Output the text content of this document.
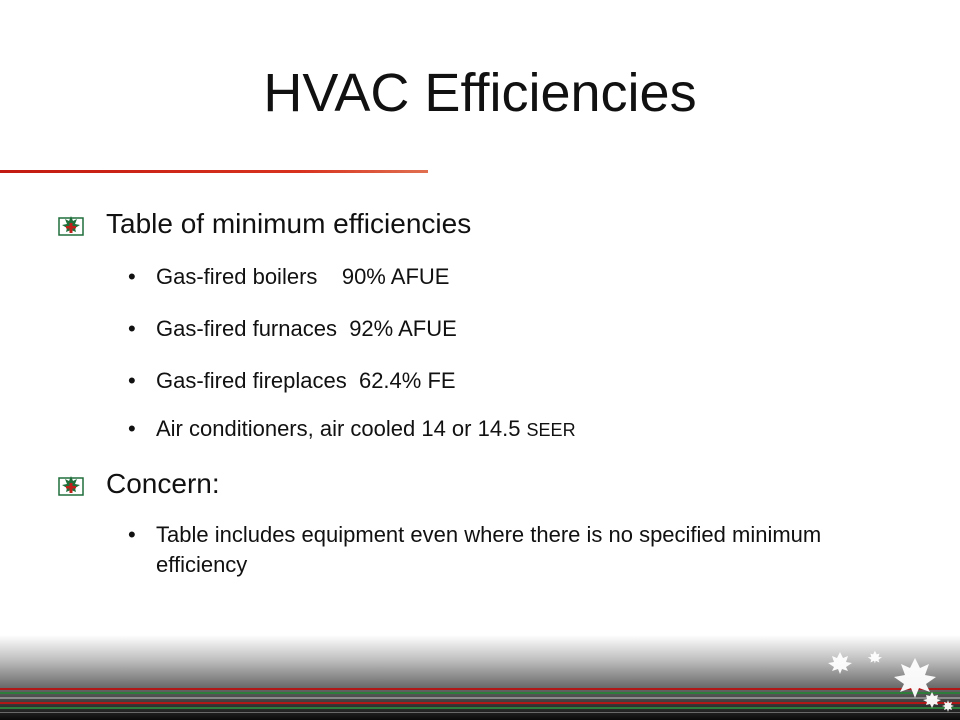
HVAC Efficiencies
Table of minimum efficiencies
• Gas-fired boilers    90% AFUE
• Gas-fired furnaces  92% AFUE
• Gas-fired fireplaces  62.4% FE
• Air conditioners, air cooled 14 or 14.5 SEER
Concern:
• Table includes equipment even where there is no specified minimum efficiency
